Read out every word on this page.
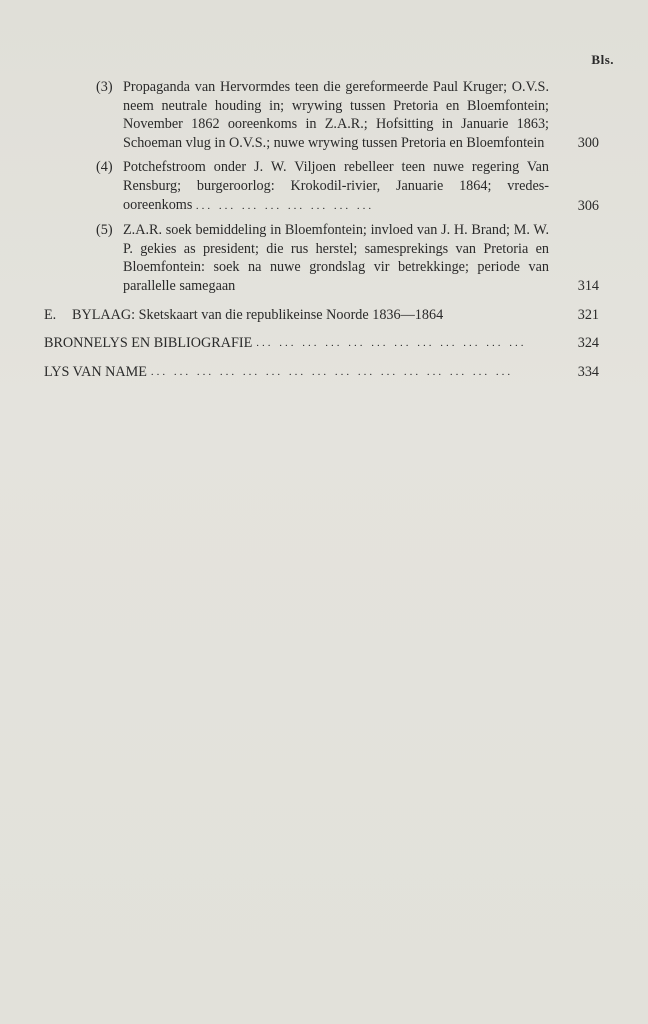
Bls.
(3) Propaganda van Hervormdes teen die gereformeerde Paul Kruger; O.V.S. neem neutrale houding in; wrywing tussen Pretoria en Bloemfontein; November 1862 ooreenkoms in Z.A.R.; Hofsitting in Januarie 1863; Schoeman vlug in O.V.S.; nuwe wrywing tussen Pretoria en Bloemfontein	300
(4) Potchefstroom onder J. W. Viljoen rebelleer teen nuwe regering Van Rensburg; burgeroorlog: Krokodil-rivier, Januarie 1864; vredes-ooreenkoms ... ... ... ... ... ... ... ...	306
(5) Z.A.R. soek bemiddeling in Bloemfontein; invloed van J. H. Brand; M. W. P. gekies as president; die rus herstel; samesprekings van Pretoria en Bloemfontein: soek na nuwe grondslag vir betrekkinge; periode van parallelle samegaan	314
E.	BYLAAG: Sketskaart van die republikeinse Noorde 1836—1864	321
BRONNELYS EN BIBLIOGRAFIE ... ... ... ... ... ... ... ... ... ... ... ...	324
LYS VAN NAME ... ... ... ... ... ... ... ... ... ... ... ... ... ... ... ...	334
